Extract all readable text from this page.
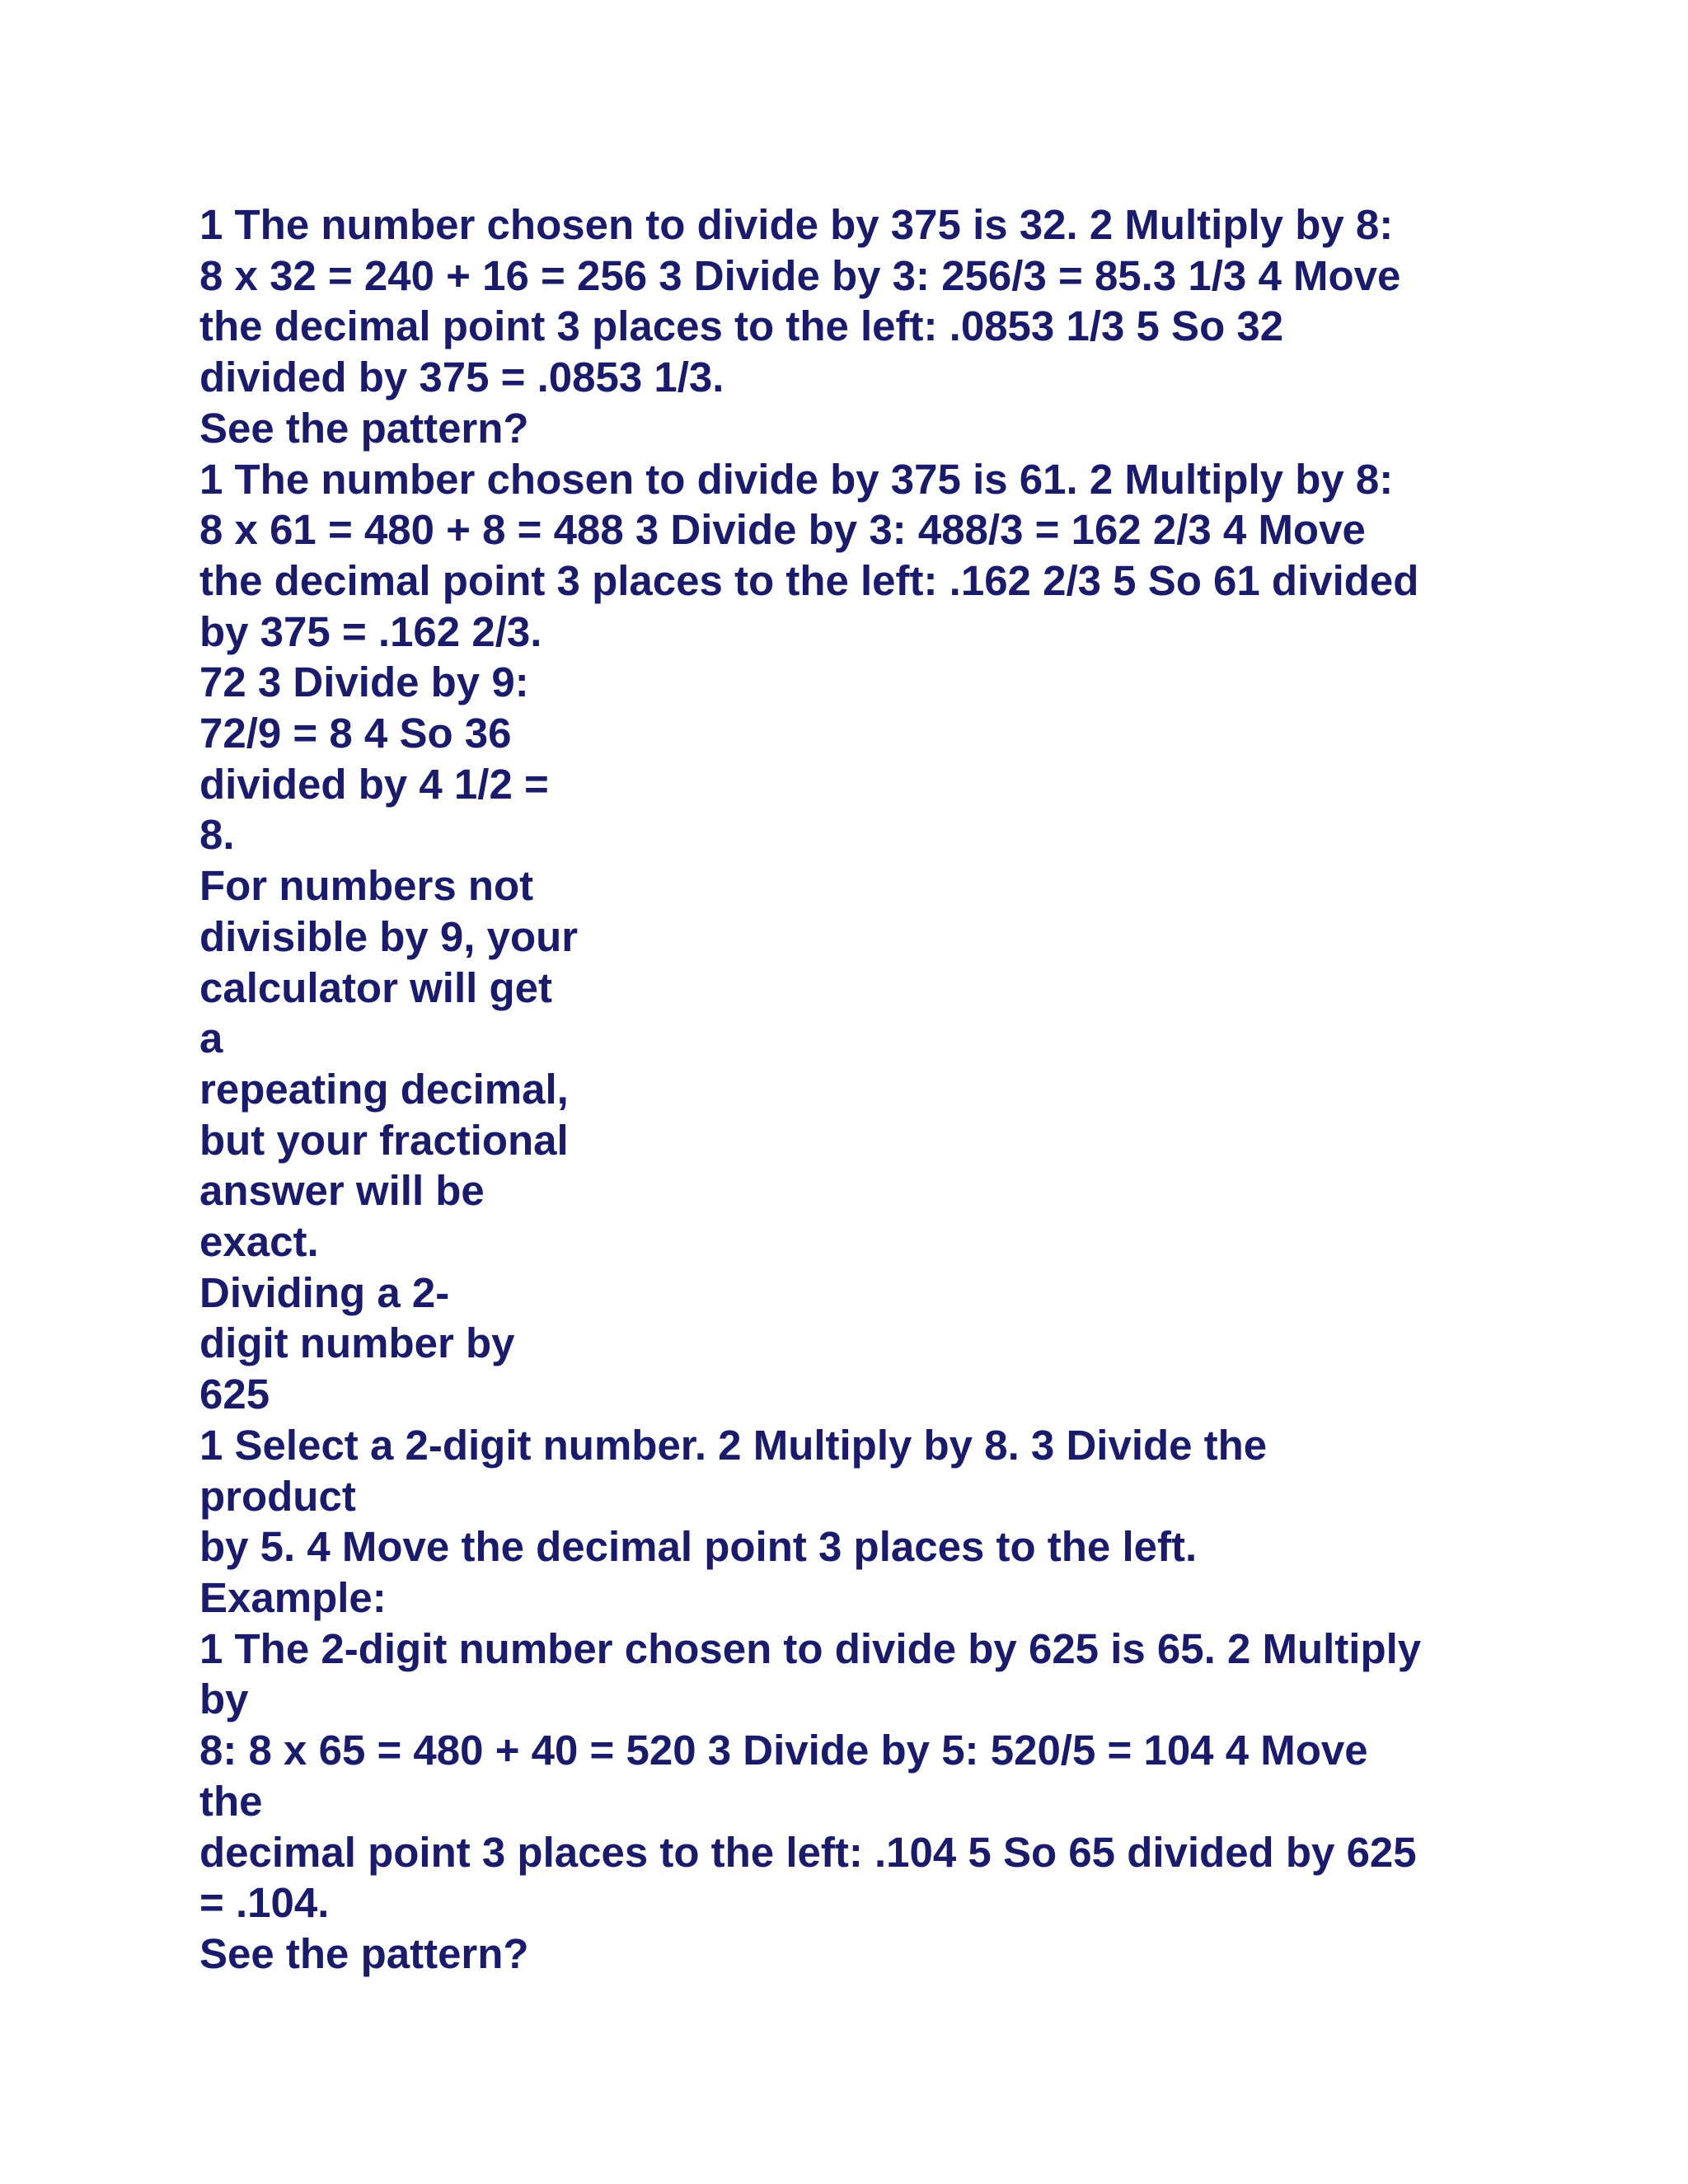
1 The number chosen to divide by 375 is 32. 2 Multiply by 8:

8 x 32 = 240 + 16 = 256 3 Divide by 3: 256/3 = 85.3 1/3 4 Move

the decimal point 3 places to the left: .0853 1/3 5 So 32

divided by 375 = .0853 1/3.

See the pattern?

1 The number chosen to divide by 375 is 61. 2 Multiply by 8:

8 x 61 = 480 + 8 = 488 3 Divide by 3: 488/3 = 162 2/3 4 Move

the decimal point 3 places to the left: .162 2/3 5 So 61 divided

by 375 = .162 2/3.

72 3 Divide by 9:

72/9 = 8 4 So 36

divided by 4 1/2 =

8.

For numbers not

divisible by 9, your

calculator will get

a

repeating decimal,

but your fractional

answer will be

exact.

Dividing a 2-

digit number by

625

1 Select a 2-digit number. 2 Multiply by 8. 3 Divide the

product

by 5. 4 Move the decimal point 3 places to the left.

Example:

1 The 2-digit number chosen to divide by 625 is 65. 2 Multiply

by

8: 8 x 65 = 480 + 40 = 520 3 Divide by 5: 520/5 = 104 4 Move

the

decimal point 3 places to the left: .104 5 So 65 divided by 625

= .104.

See the pattern?
